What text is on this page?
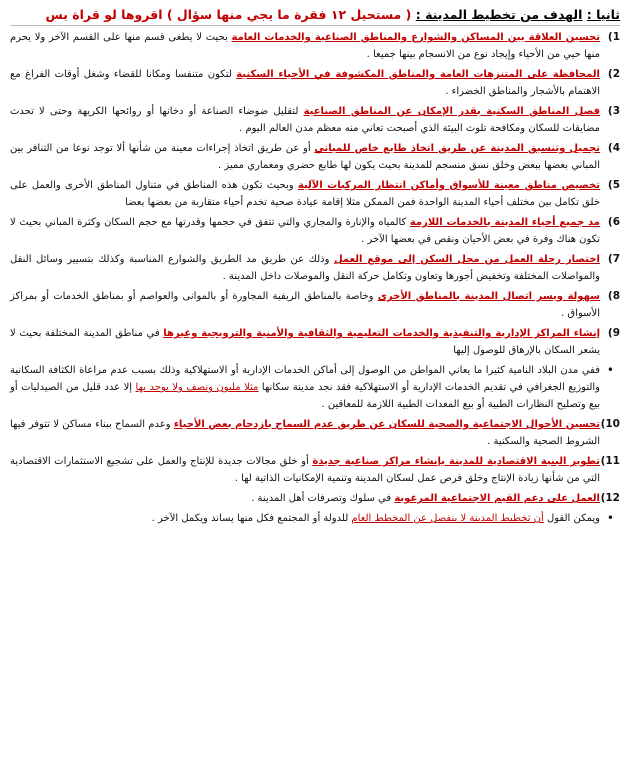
ثانيا : الهدف من تخطيط المدينة : ( مستحيل ١٢ فقرة ما يجي منها سؤال ) اقروها لو قراة بس
1)
تحسين العلاقة بين المساكن والشوارع والمناطق الصناعية والخدمات العامة بحيث لا يطغى قسم منها على القسم الآخر ولا يحرم منها حيي من الأحياء وإيجاد نوع من الانسجام بينها جميعا .
2)
المحافظة على المتنزهات العامة والمناطق المكشوفة في الأحياء السكنية لتكون متنفسا ومكانا للقضاء وشغل أوقات الفراغ مع الاهتمام بالأشجار والمناطق الخضراء .
3)
فصل المناطق السكنية بقدر الإمكان عن المناطق الصناعية لتقليل ضوضاء الصناعة أو دخانها أو روائحها الكريهة وحتى لا تحدث مضايقات للسكان ومكافحة تلوث البيئة الذي أصبحت تعاني منه معظم مدن العالم اليوم .
4)
تجميل وتنسيق المدينة عن طريق اتخاذ طابع خاص للمباني أو عن طريق اتخاذ إجراءات معينة من شأنها ألا توجد نوعا من التنافر بين المباني بعضها ببعض وخلق نسق منسجم للمدينة بحيث يكون لها طابع حضري ومعماري مميز .
5)
تخصيص مناطق معينة للأسواق وأماكن انتظار المركبات الآلية وبحيث تكون هذه المناطق في متناول المناطق الأخرى والعمل على خلق تكامل بين مختلف أحياء المدينة الواحدة فمن الممكن مثلا إقامة عيادة صحية تخدم أحياء متقاربة من بعضها بعضا
6)
مد جميع أحياء المدينة بالخدمات اللازمة كالمياه والإنارة والمجاري والتي تتفق في حجمها وقدرتها مع حجم السكان وكثرة المباني بحيث لا تكون هناك وفرة في بعض الأحيان ونقص في بعضها الآخر .
7)
اختصار رحلة العمل من محل السكن إلى موقع العمل وذلك عن طريق مد الطريق والشوارع المناسبة وكذلك بتسيير وسائل النقل والمواصلات المختلفة وتخفيض أجورها وتعاون وتكامل حركة النقل والموصلات داخل المدينة .
8)
سهولة ويسر اتصال المدينة بالمناطق الأخرى وخاصة بالمناطق الريفية المجاورة أو بالموانى والعواصم أو بمناطق الخدمات أو بمراكز الأسواق .
9)
إنشاء المراكز الإدارية والتنفيذية والخدمات التعليمية والثقافية والأمنية والترويجية وغيرها في مناطق المدينة المختلفة بحيث لا يشعر السكان بالإرهاق للوصول إليها
• ففي مدن البلاد النامية كثيرا ما يعاني المواطن من الوصول إلى أماكن الخدمات الإدارية أو الاستهلاكية وذلك بسبب عدم مراعاة الكثافة السكانية والتوزيع الجغرافي في تقديم الخدمات الإدارية أو الاستهلاكية فقد نجد مدينة سكانها مثلا مليون ونصف ولا يوجد بها إلا عدد قليل من الصيدليات أو بيع وتصليح النظارات الطبية أو بيع المعدات الطبية اللازمة للمعاقين .
10)
تحسين الأحوال الاجتماعية والصحية للسكان عن طريق عدم السماح بازدحام بعض الأحياء وعدم السماح ببناء مساكن لا تتوفر فيها الشروط الصحية والسكنية .
11)
تطوير البنية الاقتصادية للمدينة بإنشاء مراكز صناعية جديدة أو خلق مجالات جديدة للإنتاج والعمل على تشجيع الاستثمارات الاقتصادية التي من شأنها زيادة الإنتاج وخلق فرص عمل لسكان المدينة وتنمية الإمكانيات الذاتية لها .
12)
العمل على دعم القيم الاجتماعية المرغوبة في سلوك وتصرفات أهل المدينة .
• ويمكن القول أن تخطيط المدينة لا ينفصل عن المخطط العام للدولة أو المجتمع فكل منها يساند ويكمل الآخر .
